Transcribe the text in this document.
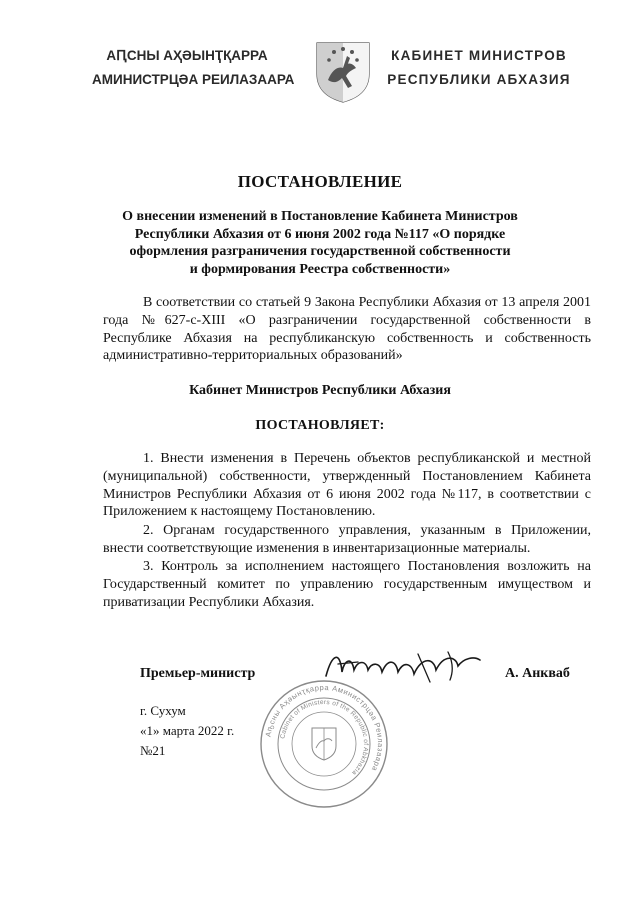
АԤСНЫ АҲӘЫНҬҚАРРА
АМИНИСТРЦӘА РЕИЛАЗААРА
КАБИНЕТ МИНИСТРОВ
РЕСПУБЛИКИ АБХАЗИЯ
ПОСТАНОВЛЕНИЕ
О внесении изменений в Постановление Кабинета Министров
Республики Абхазия от 6 июня 2002 года №117 «О порядке
оформления разграничения государственной собственности
и формирования Реестра собственности»
В соответствии со статьей 9 Закона Республики Абхазия от 13 апреля 2001 года №627-с-XIII «О разграничении государственной собственности в Республике Абхазия на республиканскую собственность и собственность административно-территориальных образований»
Кабинет Министров Республики Абхазия
ПОСТАНОВЛЯЕТ:
1. Внести изменения в Перечень объектов республиканской и местной (муниципальной) собственности, утвержденный Постановлением Кабинета Министров Республики Абхазия от 6 июня 2002 года №117, в соответствии с Приложением к настоящему Постановлению.
2. Органам государственного управления, указанным в Приложении, внести соответствующие изменения в инвентаризационные материалы.
3. Контроль за исполнением настоящего Постановления возложить на Государственный комитет по управлению государственным имуществом и приватизации Республики Абхазия.
Премьер-министр	А. Анкваб
Аҧсны Аҳәынҭқарра Аминистрцәа Реилазаара
Cabinet of Ministers of the Republic of Abkhazia
г. Сухум
«1» марта 2022 г.
№21
